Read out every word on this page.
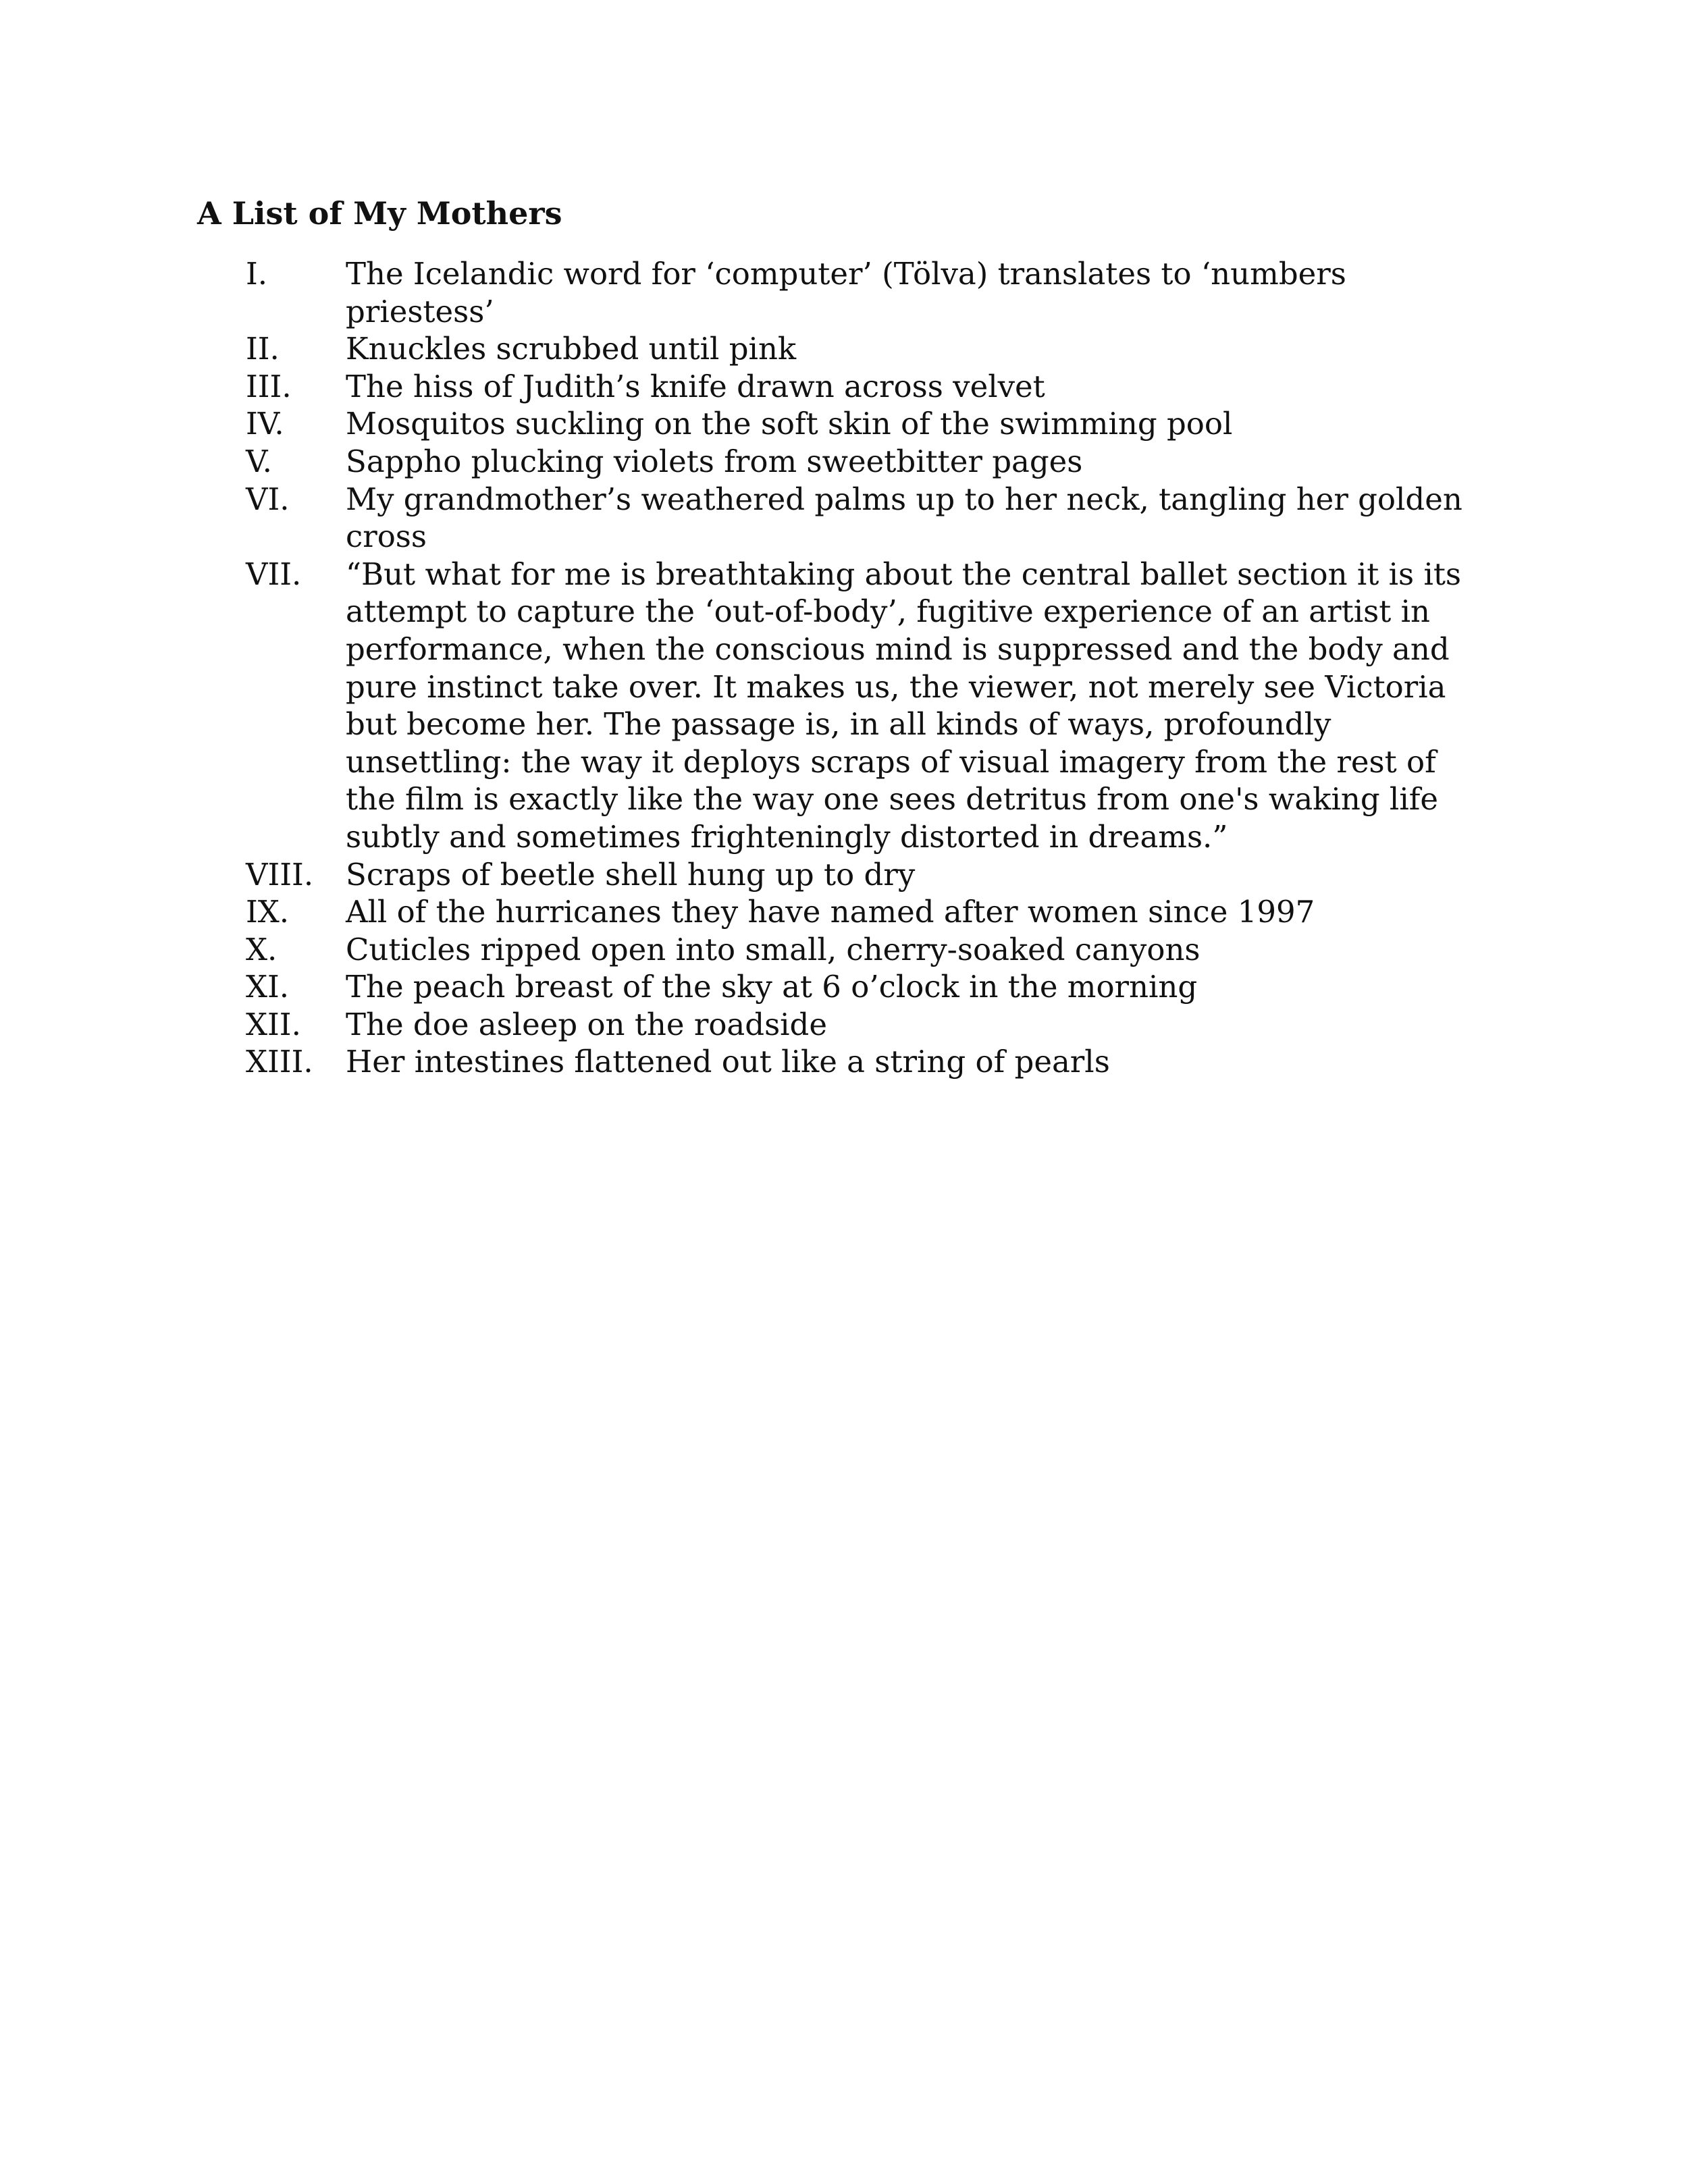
A List of My Mothers
I.	The Icelandic word for ‘computer’ (Tölva) translates to ‘numbers priestess’
II.	Knuckles scrubbed until pink
III.	The hiss of Judith’s knife drawn across velvet
IV.	Mosquitos suckling on the soft skin of the swimming pool
V.	Sappho plucking violets from sweetbitter pages
VI.	My grandmother’s weathered palms up to her neck, tangling her golden cross
VII.	“But what for me is breathtaking about the central ballet section it is its attempt to capture the ‘out-of-body’, fugitive experience of an artist in performance, when the conscious mind is suppressed and the body and pure instinct take over. It makes us, the viewer, not merely see Victoria but become her. The passage is, in all kinds of ways, profoundly unsettling: the way it deploys scraps of visual imagery from the rest of the film is exactly like the way one sees detritus from one's waking life subtly and sometimes frighteningly distorted in dreams.”
VIII.	Scraps of beetle shell hung up to dry
IX.	All of the hurricanes they have named after women since 1997
X.	Cuticles ripped open into small, cherry-soaked canyons
XI.	The peach breast of the sky at 6 o’clock in the morning
XII.	The doe asleep on the roadside
XIII.	Her intestines flattened out like a string of pearls
